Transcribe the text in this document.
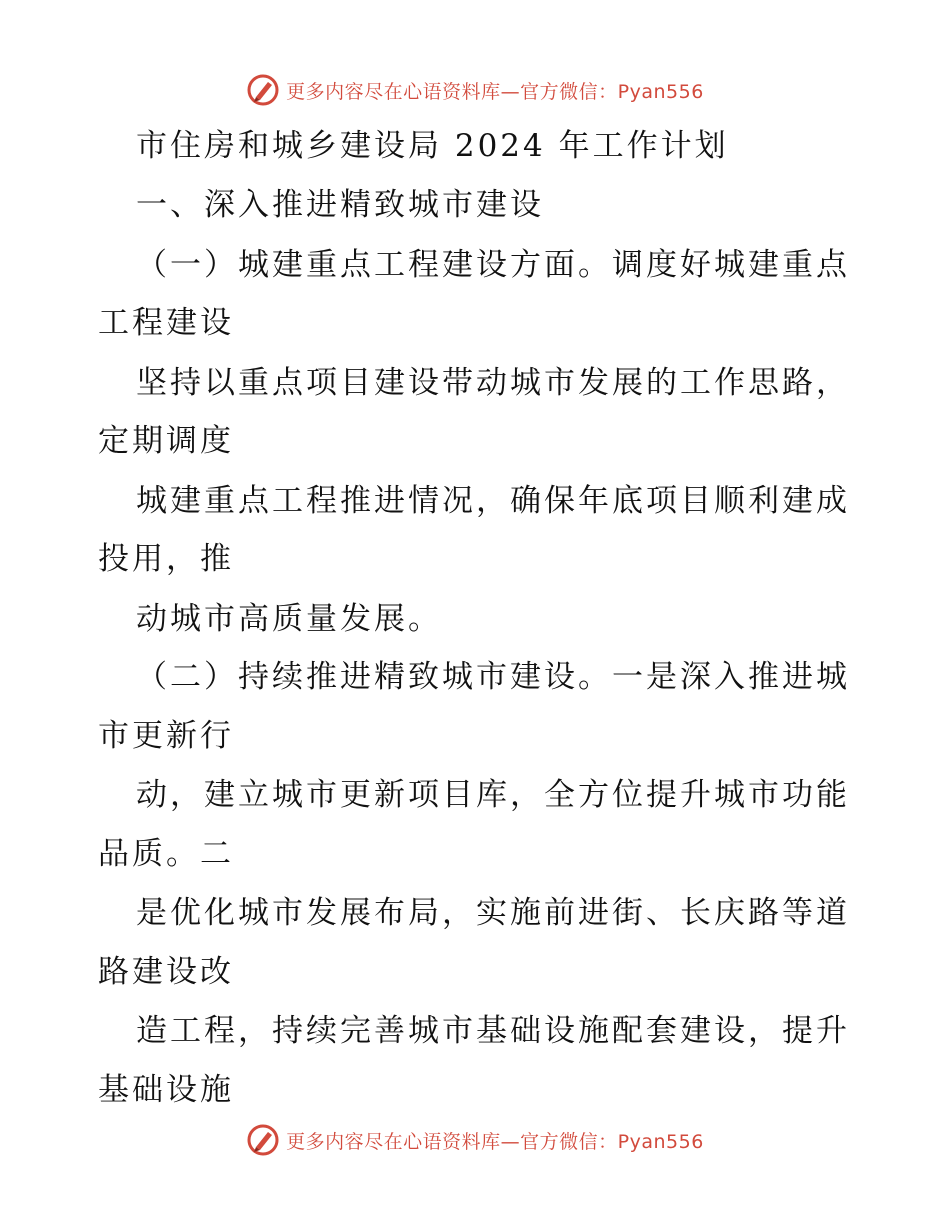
更多内容尽在心语资料库—官方微信：Pyan556
市住房和城乡建设局 2024 年工作计划
一、深入推进精致城市建设
（一）城建重点工程建设方面。调度好城建重点
工程建设
坚持以重点项目建设带动城市发展的工作思路，
定期调度
城建重点工程推进情况，确保年底项目顺利建成
投用，推
动城市高质量发展。
（二）持续推进精致城市建设。一是深入推进城
市更新行
动，建立城市更新项目库，全方位提升城市功能
品质。二
是优化城市发展布局，实施前进街、长庆路等道
路建设改
造工程，持续完善城市基础设施配套建设，提升
基础设施
更多内容尽在心语资料库—官方微信：Pyan556
